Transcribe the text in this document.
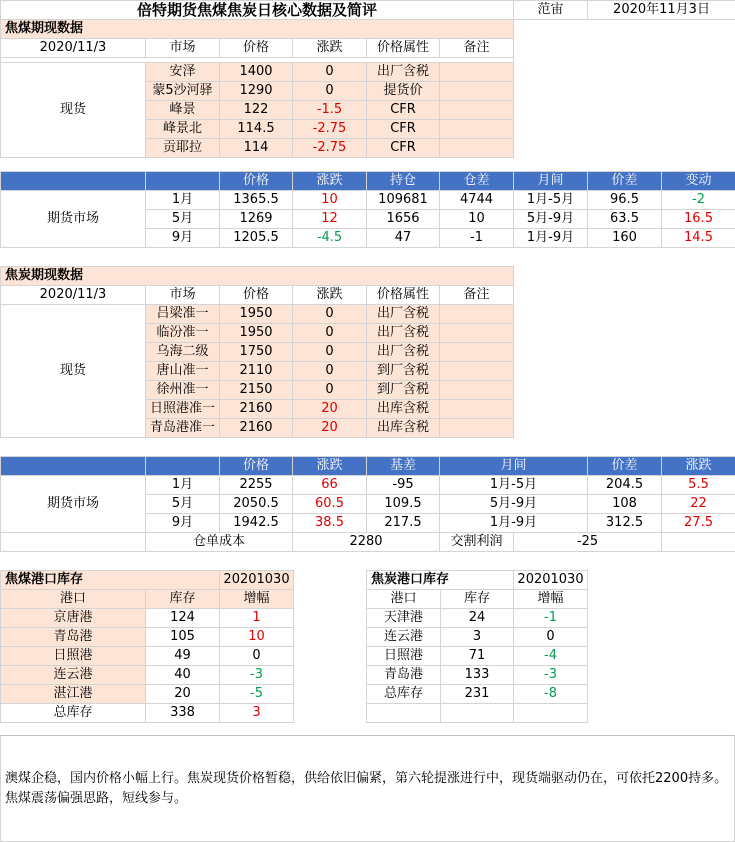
倍特期货焦煤焦炭日核心数据及简评	范宙	2020年11月3日
焦煤期现数据					
2020/11/3	市场	价格	涨跌	价格属性	备注

现货	安泽	1400	0	出厂含税	
	蒙5沙河驿	1290	0	提货价	
	峰景	122	-1.5	CFR	
	峰景北	114.5	-2.75	CFR	
	贡耶拉	114	-2.75	CFR	
		价格	涨跌	持仓	仓差	月间	价差	变动
期货市场	1月	1365.5	10	109681	4744	1月-5月	96.5	-2
	5月	1269	12	1656	10	5月-9月	63.5	16.5
	9月	1205.5	-4.5	47	-1	1月-9月	160	14.5
焦炭期现数据					
2020/11/3	市场	价格	涨跌	价格属性	备注
现货	吕梁准一	1950	0	出厂含税	
	临汾准一	1950	0	出厂含税	
	乌海二级	1750	0	出厂含税	
	唐山准一	2110	0	到厂含税	
	徐州准一	2150	0	到厂含税	
	日照港准一	2160	20	出库含税	
	青岛港准一	2160	20	出库含税	
		价格	涨跌	基差	月间		价差	涨跌
期货市场	1月	2255	66	-95	1月-5月		204.5	5.5
	5月	2050.5	60.5	109.5	5月-9月		108	22
	9月	1942.5	38.5	217.5	1月-9月		312.5	27.5
	仓单成本		2280		交割利润	-25		
焦煤港口库存		20201030
港口	库存	增幅
京唐港	124	1
青岛港	105	10
日照港	49	0
连云港	40	-3
湛江港	20	-5
总库存	338	3
焦炭港口库存		20201030
港口	库存	增幅
天津港	24	-1
连云港	3	0
日照港	71	-4
青岛港	133	-3
总库存	231	-8

澳煤企稳，国内价格小幅上行。焦炭现货价格暂稳，供给依旧偏紧，第六轮提涨进行中，现货端驱动仍在，可依托2200持多。焦煤震荡偏强思路，短线参与。
